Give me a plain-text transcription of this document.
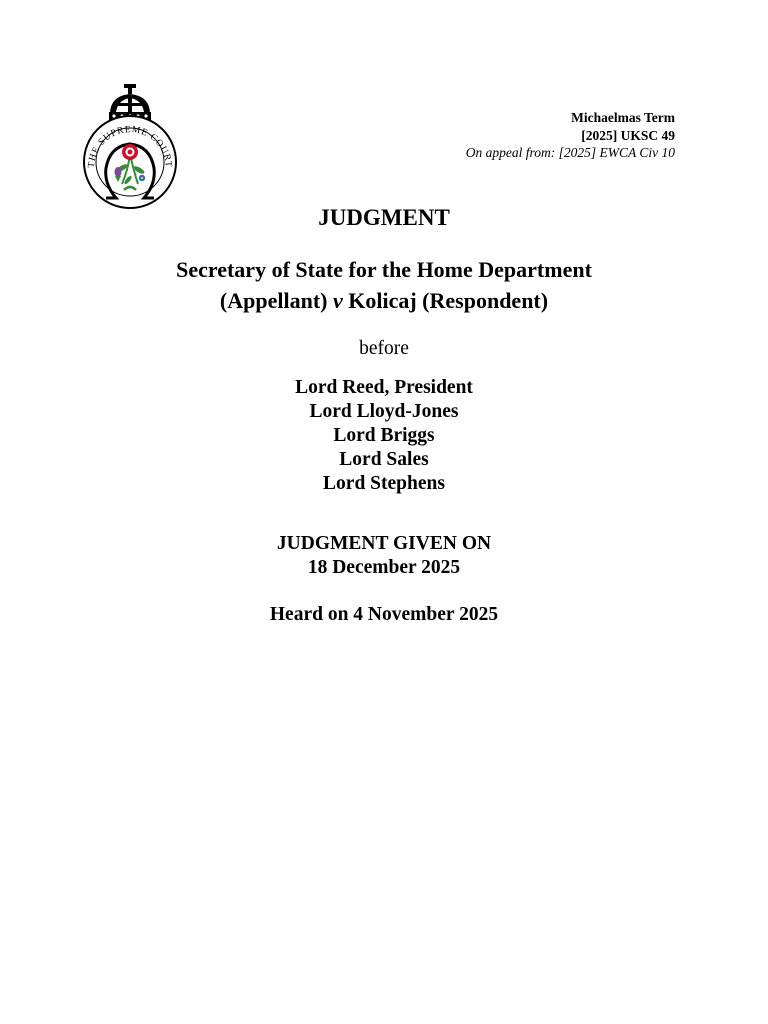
THE SUPREME COURT
Michaelmas Term
[2025] UKSC 49
On appeal from: [2025] EWCA Civ 10
JUDGMENT
Secretary of State for the Home Department
(Appellant) v Kolicaj (Respondent)
before
Lord Reed, President
Lord Lloyd-Jones
Lord Briggs
Lord Sales
Lord Stephens
JUDGMENT GIVEN ON
18 December 2025
Heard on 4 November 2025
